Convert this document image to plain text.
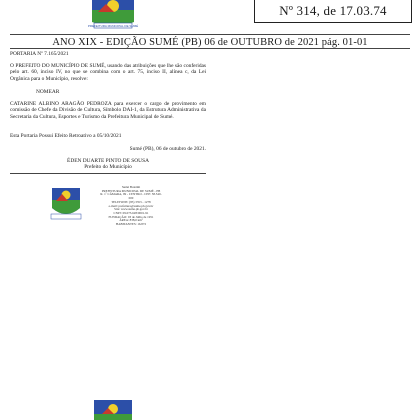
PREFEITURA MUNICIPAL DE SUMÉ
Nº 314, de 17.03.74
ANO XIX - EDIÇÃO SUMÉ (PB) 06 de OUTUBRO de 2021 pág. 01-01
PORTARIA Nº 7.165/2021
O PREFEITO DO MUNICÍPIO DE SUMÉ, usando das atribuições que lhe são conferidas pelo art. 60, inciso IV, no que se combina com o art. 75, inciso II, alínea c, da Lei Orgânica para o Município, resolve:
NOMEAR
CATARINE ALBINO ARAGÃO PEDROZA para exercer o cargo de provimento em comissão de Chefe da Divisão de Cultura, Símbolo DAI-1, da Estrutura Administrativa da Secretaria da Cultura, Esportes e Turismo da Prefeitura Municipal de Sumé.
Esta Portaria Possui Efeito Retroativo a 05/10/2021
Sumé (PB), 06 de outubro de 2021.
ÉDEN DUARTE PINTO DE SOUSA
Prefeito do Município
Sumé Boletim
PREFEITURA MUNICIPAL DE SUMÉ - PB
R. 1º CÂMARA, 99 - CENTRO - CEP: 58.540-000
TELEFONE: (83) 3353 - 1278
e-mail: prefeitura@sume.pb.gov.br
Site: www.sume.pb.gov.br
CNPJ: 09.073.628/0001-91
FUNDAÇÃO: 03 de Julho de 1951
ÁREA: 838,0 km²
HABITANTES: 16.872
